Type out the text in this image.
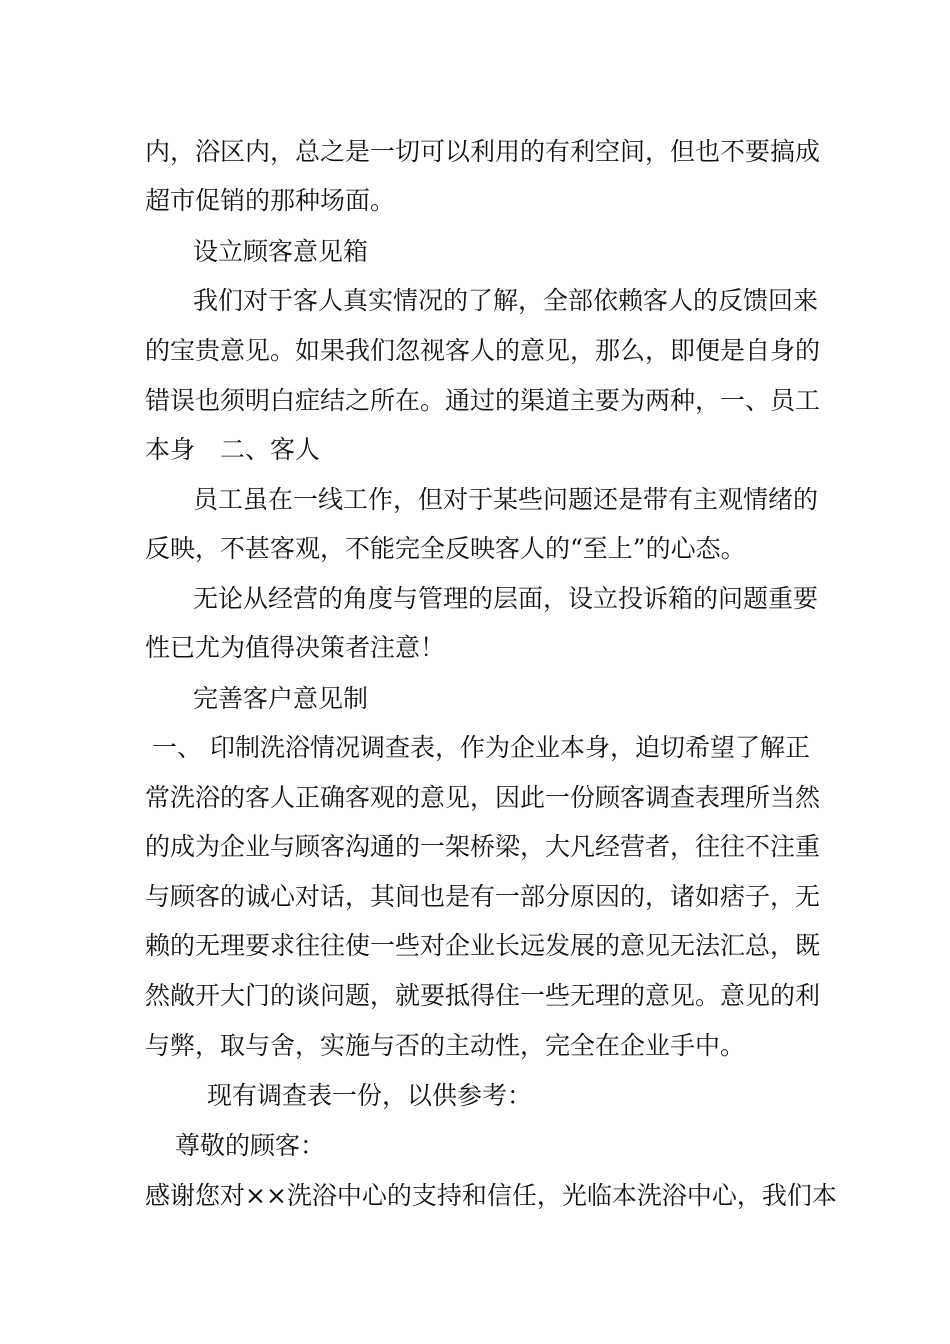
内，浴区内，总之是一切可以利用的有利空间，但也不要搞成
超市促销的那种场面。
设立顾客意见箱
我们对于客人真实情况的了解，全部依赖客人的反馈回来
的宝贵意见。如果我们忽视客人的意见，那么，即便是自身的
错误也须明白症结之所在。通过的渠道主要为两种，一、员工
本身　二、客人
员工虽在一线工作，但对于某些问题还是带有主观情绪的
反映，不甚客观，不能完全反映客人的“至上”的心态。
无论从经营的角度与管理的层面，设立投诉箱的问题重要
性已尤为值得决策者注意！
完善客户意见制
一、 印制洗浴情况调查表，作为企业本身，迫切希望了解正
常洗浴的客人正确客观的意见，因此一份顾客调查表理所当然
的成为企业与顾客沟通的一架桥梁，大凡经营者，往往不注重
与顾客的诚心对话，其间也是有一部分原因的，诸如痞子，无
赖的无理要求往往使一些对企业长远发展的意见无法汇总，既
然敞开大门的谈问题，就要抵得住一些无理的意见。意见的利
与弊，取与舍，实施与否的主动性，完全在企业手中。
现有调查表一份，以供参考：
尊敬的顾客：
感谢您对××洗浴中心的支持和信任，光临本洗浴中心，我们本
